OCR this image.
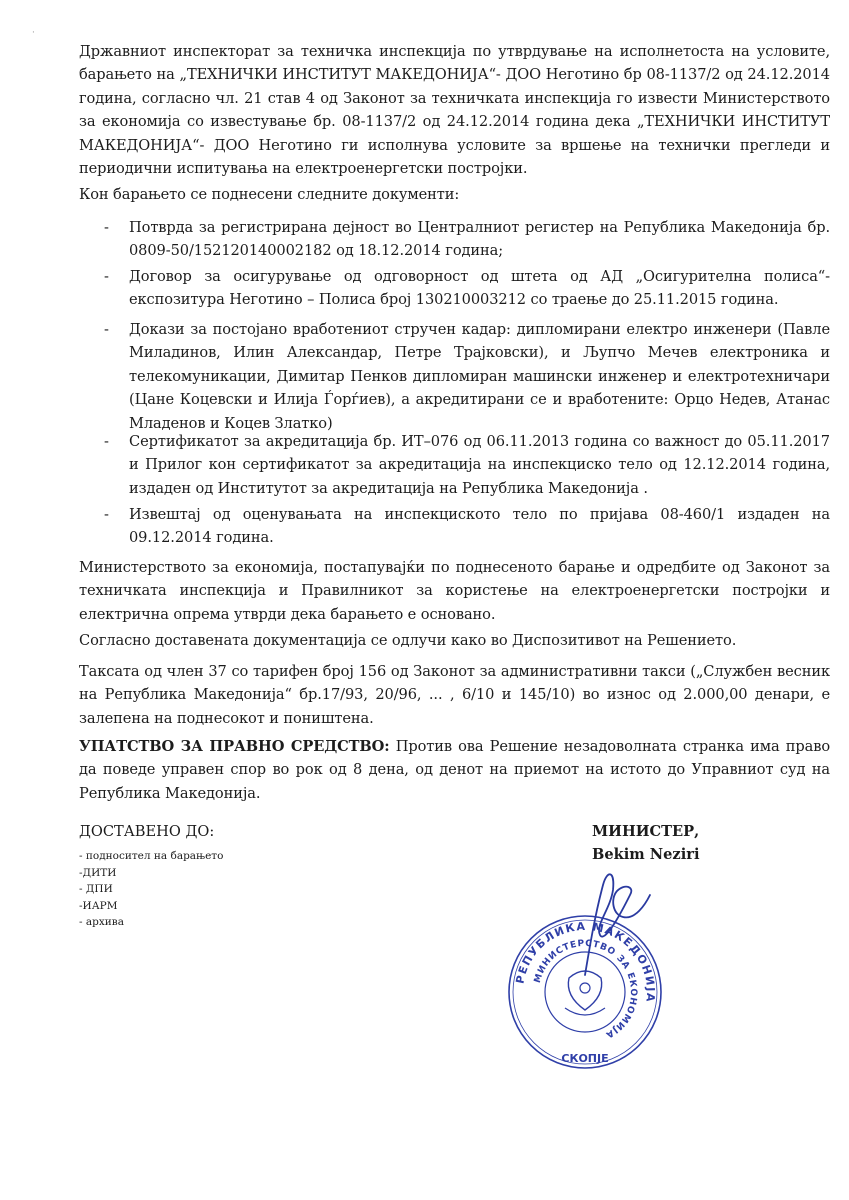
·

Државниот инспекторат за техничка инспекција по утврдување на исполнетоста на условите, барањето на „ТЕХНИЧКИ ИНСТИТУТ МАКЕДОНИЈА“- ДОО Неготино бр 08-1137/2 од 24.12.2014 година, согласно чл. 21 став 4 од Законот за техничката инспекција го извести Министерството за економија со известување бр. 08-1137/2 од 24.12.2014 година дека „ТЕХНИЧКИ ИНСТИТУТ МАКЕДОНИЈА“- ДОО Неготино ги исполнува условите за вршење на технички прегледи и периодични испитувања на електроенергетски постројки.

Кон барањето се поднесени следните документи:

- Потврда за регистрирана дејност во Централниот регистер на Република Македонија бр. 0809-50/152120140002182 од 18.12.2014 година;

- Договор за осигурување од одговорност од штета од АД „Осигурителна полиса“- експозитура Неготино – Полиса број 130210003212 со траење до 25.11.2015 година.

- Докази за постојано вработениот стручен кадар: дипломирани електро инженери (Павле Миладинов, Илин Александар, Петре Трајковски), и Љупчо Мечев електроника и телекомуникации, Димитар Пенков дипломиран машински инженер и електротехничари (Цане Коцевски и Илија Ѓорѓиев), а акредитирани се и вработените: Орцо Недев, Атанас Младенов и Коцев Златко)

- Сертификатот за акредитација бр. ИТ–076 од 06.11.2013 година со важност до 05.11.2017 и Прилог кон сертификатот за акредитација на инспекциско тело од 12.12.2014 година, издаден од Институтот за акредитација на Република Македонија .

- Извештај од оценувањата на инспекциското тело по пријава 08-460/1 издаден на 09.12.2014 година.

Министерството за економија, постапувајќи по поднесеното барање и одредбите од Законот за техничката инспекција и Правилникот за користење на електроенергетски постројки и електрична опрема утврди дека барањето е основано.

Согласно доставената документација се одлучи како во Диспозитивот на Решението.

Таксата од член 37 со тарифен број 156 од Законот за административни такси („Службен весник на Република Македонија“ бр.17/93, 20/96, ... , 6/10 и 145/10) во износ од 2.000,00 денари, е залепена на поднесокот и поништена.

УПАТСТВО ЗА ПРАВНО СРЕДСТВО: Против ова Решение незадоволната странка има право да поведе управен спор во рок од 8 дена, од денот на приемот на истото до Управниот суд на Република Македонија.

ДОСТАВЕНО ДО:
- подносител на барањето
-ДИТИ
- ДПИ
-ИАРМ
- архива
МИНИСТЕР,
Bekim Neziri
РЕПУБЛИКА МАКЕДОНИЈА
МИНИСТЕРСТВО ЗА ЕКОНОМИЈА
СКОПЈЕ
